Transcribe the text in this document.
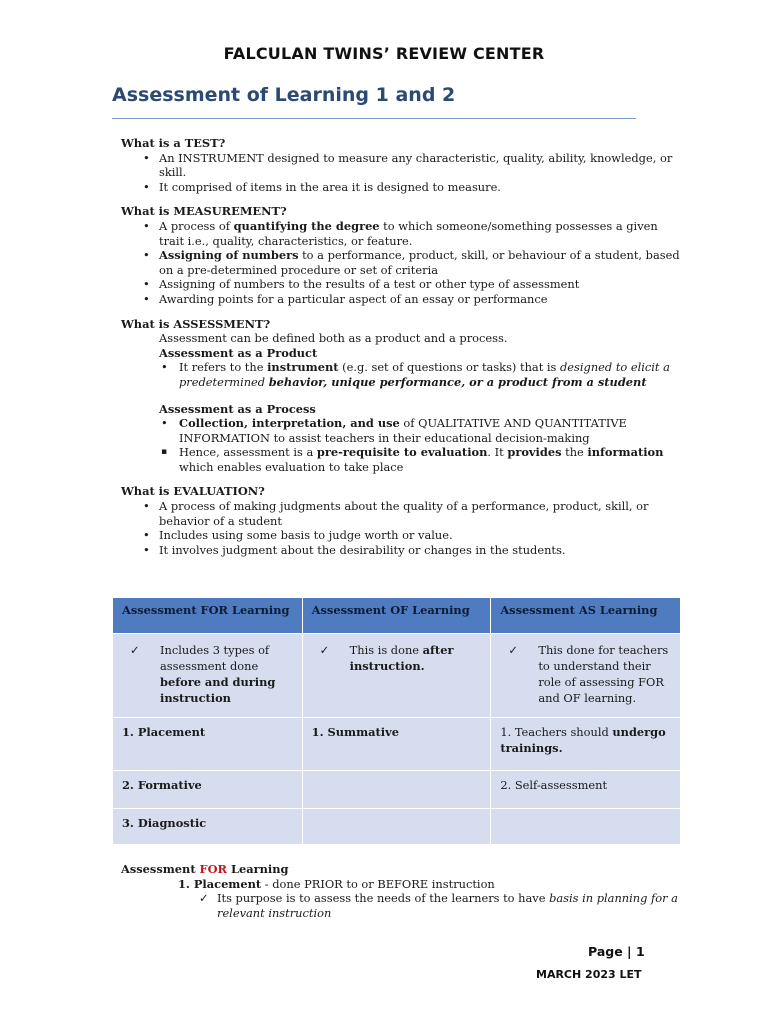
FALCULAN TWINS’ REVIEW CENTER
Assessment of Learning 1 and 2
What is a TEST?
• An INSTRUMENT designed to measure any characteristic, quality, ability, knowledge, or skill.
• It comprised of items in the area it is designed to measure.
What is MEASUREMENT?
• A process of quantifying the degree to which someone/something possesses a given trait i.e., quality, characteristics, or feature.
• Assigning of numbers to a performance, product, skill, or behaviour of a student, based on a pre-determined procedure or set of criteria
• Assigning of numbers to the results of a test or other type of assessment
• Awarding points for a particular aspect of an essay or performance
What is ASSESSMENT?
Assessment can be defined both as a product and a process.
Assessment as a Product
• It refers to the instrument (e.g. set of questions or tasks) that is designed to elicit a predetermined behavior, unique performance, or a product from a student
Assessment as a Process
• Collection, interpretation, and use of QUALITATIVE AND QUANTITATIVE INFORMATION to assist teachers in their educational decision-making
▪ Hence, assessment is a pre-requisite to evaluation. It provides the information which enables evaluation to take place
What is EVALUATION?
• A process of making judgments about the quality of a performance, product, skill, or behavior of a student
• Includes using some basis to judge worth or value.
• It involves judgment about the desirability or changes in the students.
Assessment FOR Learning	Assessment OF Learning	Assessment AS Learning

✓ Includes 3 types of assessment done before and during instruction	✓ This is done after instruction.	✓ This done for teachers to understand their role of assessing FOR and OF learning.

1. Placement	1. Summative	1. Teachers should undergo trainings.
2. Formative		2. Self-assessment
3. Diagnostic		
Assessment FOR Learning
1. Placement - done PRIOR to or BEFORE instruction
✓ Its purpose is to assess the needs of the learners to have basis in planning for a relevant instruction
Page | 1
MARCH 2023 LET
